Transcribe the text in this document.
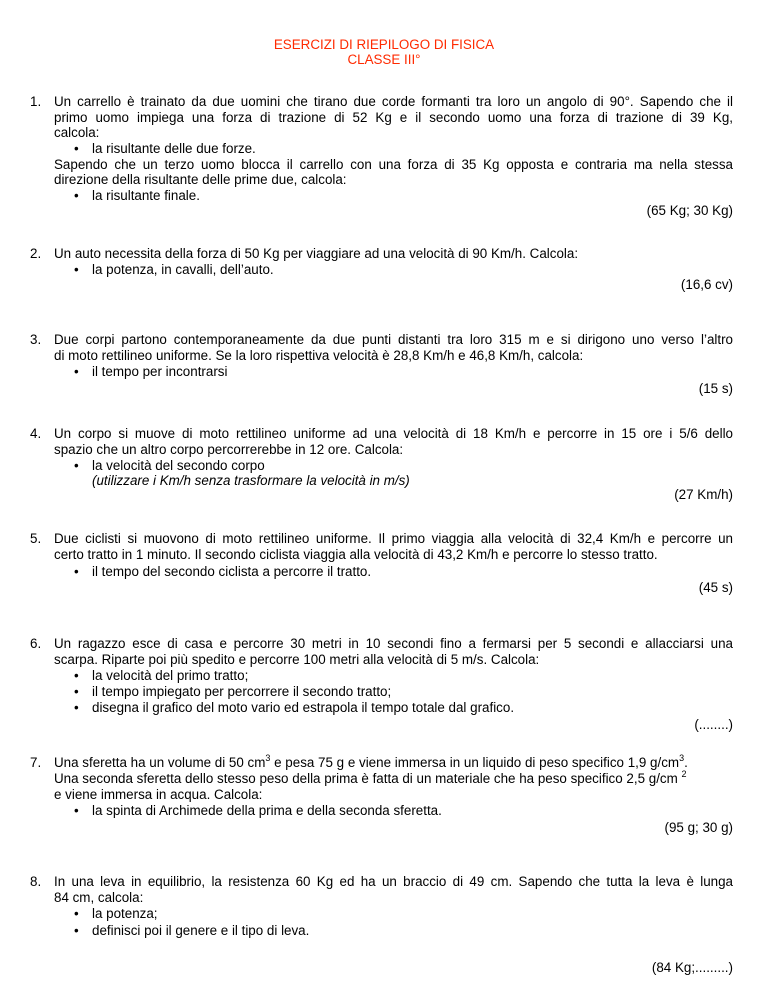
ESERCIZI DI RIEPILOGO DI FISICA
CLASSE III°
1. Un carrello è trainato da due uomini che tirano due corde formanti tra loro un angolo di 90°. Sapendo che il
primo uomo impiega una forza di trazione di 52 Kg e il secondo uomo una forza di trazione di 39 Kg,
calcola:
• la risultante delle due forze.
Sapendo che un terzo uomo blocca il carrello con una forza di 35 Kg opposta e contraria ma nella stessa
direzione della risultante delle prime due, calcola:
• la risultante finale.
(65 Kg; 30 Kg)
2. Un auto necessita della forza di 50 Kg per viaggiare ad una velocità di 90 Km/h. Calcola:
• la potenza, in cavalli, dell’auto.
(16,6 cv)
3. Due corpi partono contemporaneamente da due punti distanti tra loro 315 m e si dirigono uno verso l’altro
di moto rettilineo uniforme. Se la loro rispettiva velocità è 28,8 Km/h e 46,8 Km/h, calcola:
• il tempo per incontrarsi
(15 s)
4. Un corpo si muove di moto rettilineo uniforme ad una velocità di 18 Km/h e percorre in 15 ore i 5/6 dello
spazio che un altro corpo percorrerebbe in 12 ore. Calcola:
• la velocità del secondo corpo
(utilizzare i Km/h senza trasformare la velocità in m/s)
(27 Km/h)
5. Due ciclisti si muovono di moto rettilineo uniforme. Il primo viaggia alla velocità di 32,4 Km/h e percorre un
certo tratto in 1 minuto. Il secondo ciclista viaggia alla velocità di 43,2 Km/h e percorre lo stesso tratto.
• il tempo del secondo ciclista a percorre il tratto.
(45 s)
6. Un ragazzo esce di casa e percorre 30 metri in 10 secondi fino a fermarsi per 5 secondi e allacciarsi una
scarpa. Riparte poi più spedito e percorre 100 metri alla velocità di 5 m/s. Calcola:
• la velocità del primo tratto;
• il tempo impiegato per percorrere il secondo tratto;
• disegna il grafico del moto vario ed estrapola il tempo totale dal grafico.
(........)
7. Una sferetta ha un volume di 50 $cm^3$ e pesa 75 g e viene immersa in un liquido di peso specifico 1,9 $g/cm^3$.
Una seconda sferetta dello stesso peso della prima è fatta di un materiale che ha peso specifico 2,5 g/cm $^2$
e viene immersa in acqua. Calcola:
• la spinta di Archimede della prima e della seconda sferetta.
(95 g; 30 g)
8. In una leva in equilibrio, la resistenza 60 Kg ed ha un braccio di 49 cm. Sapendo che tutta la leva è lunga
84 cm, calcola:
• la potenza;
• definisci poi il genere e il tipo di leva.
(84 Kg;.........)
